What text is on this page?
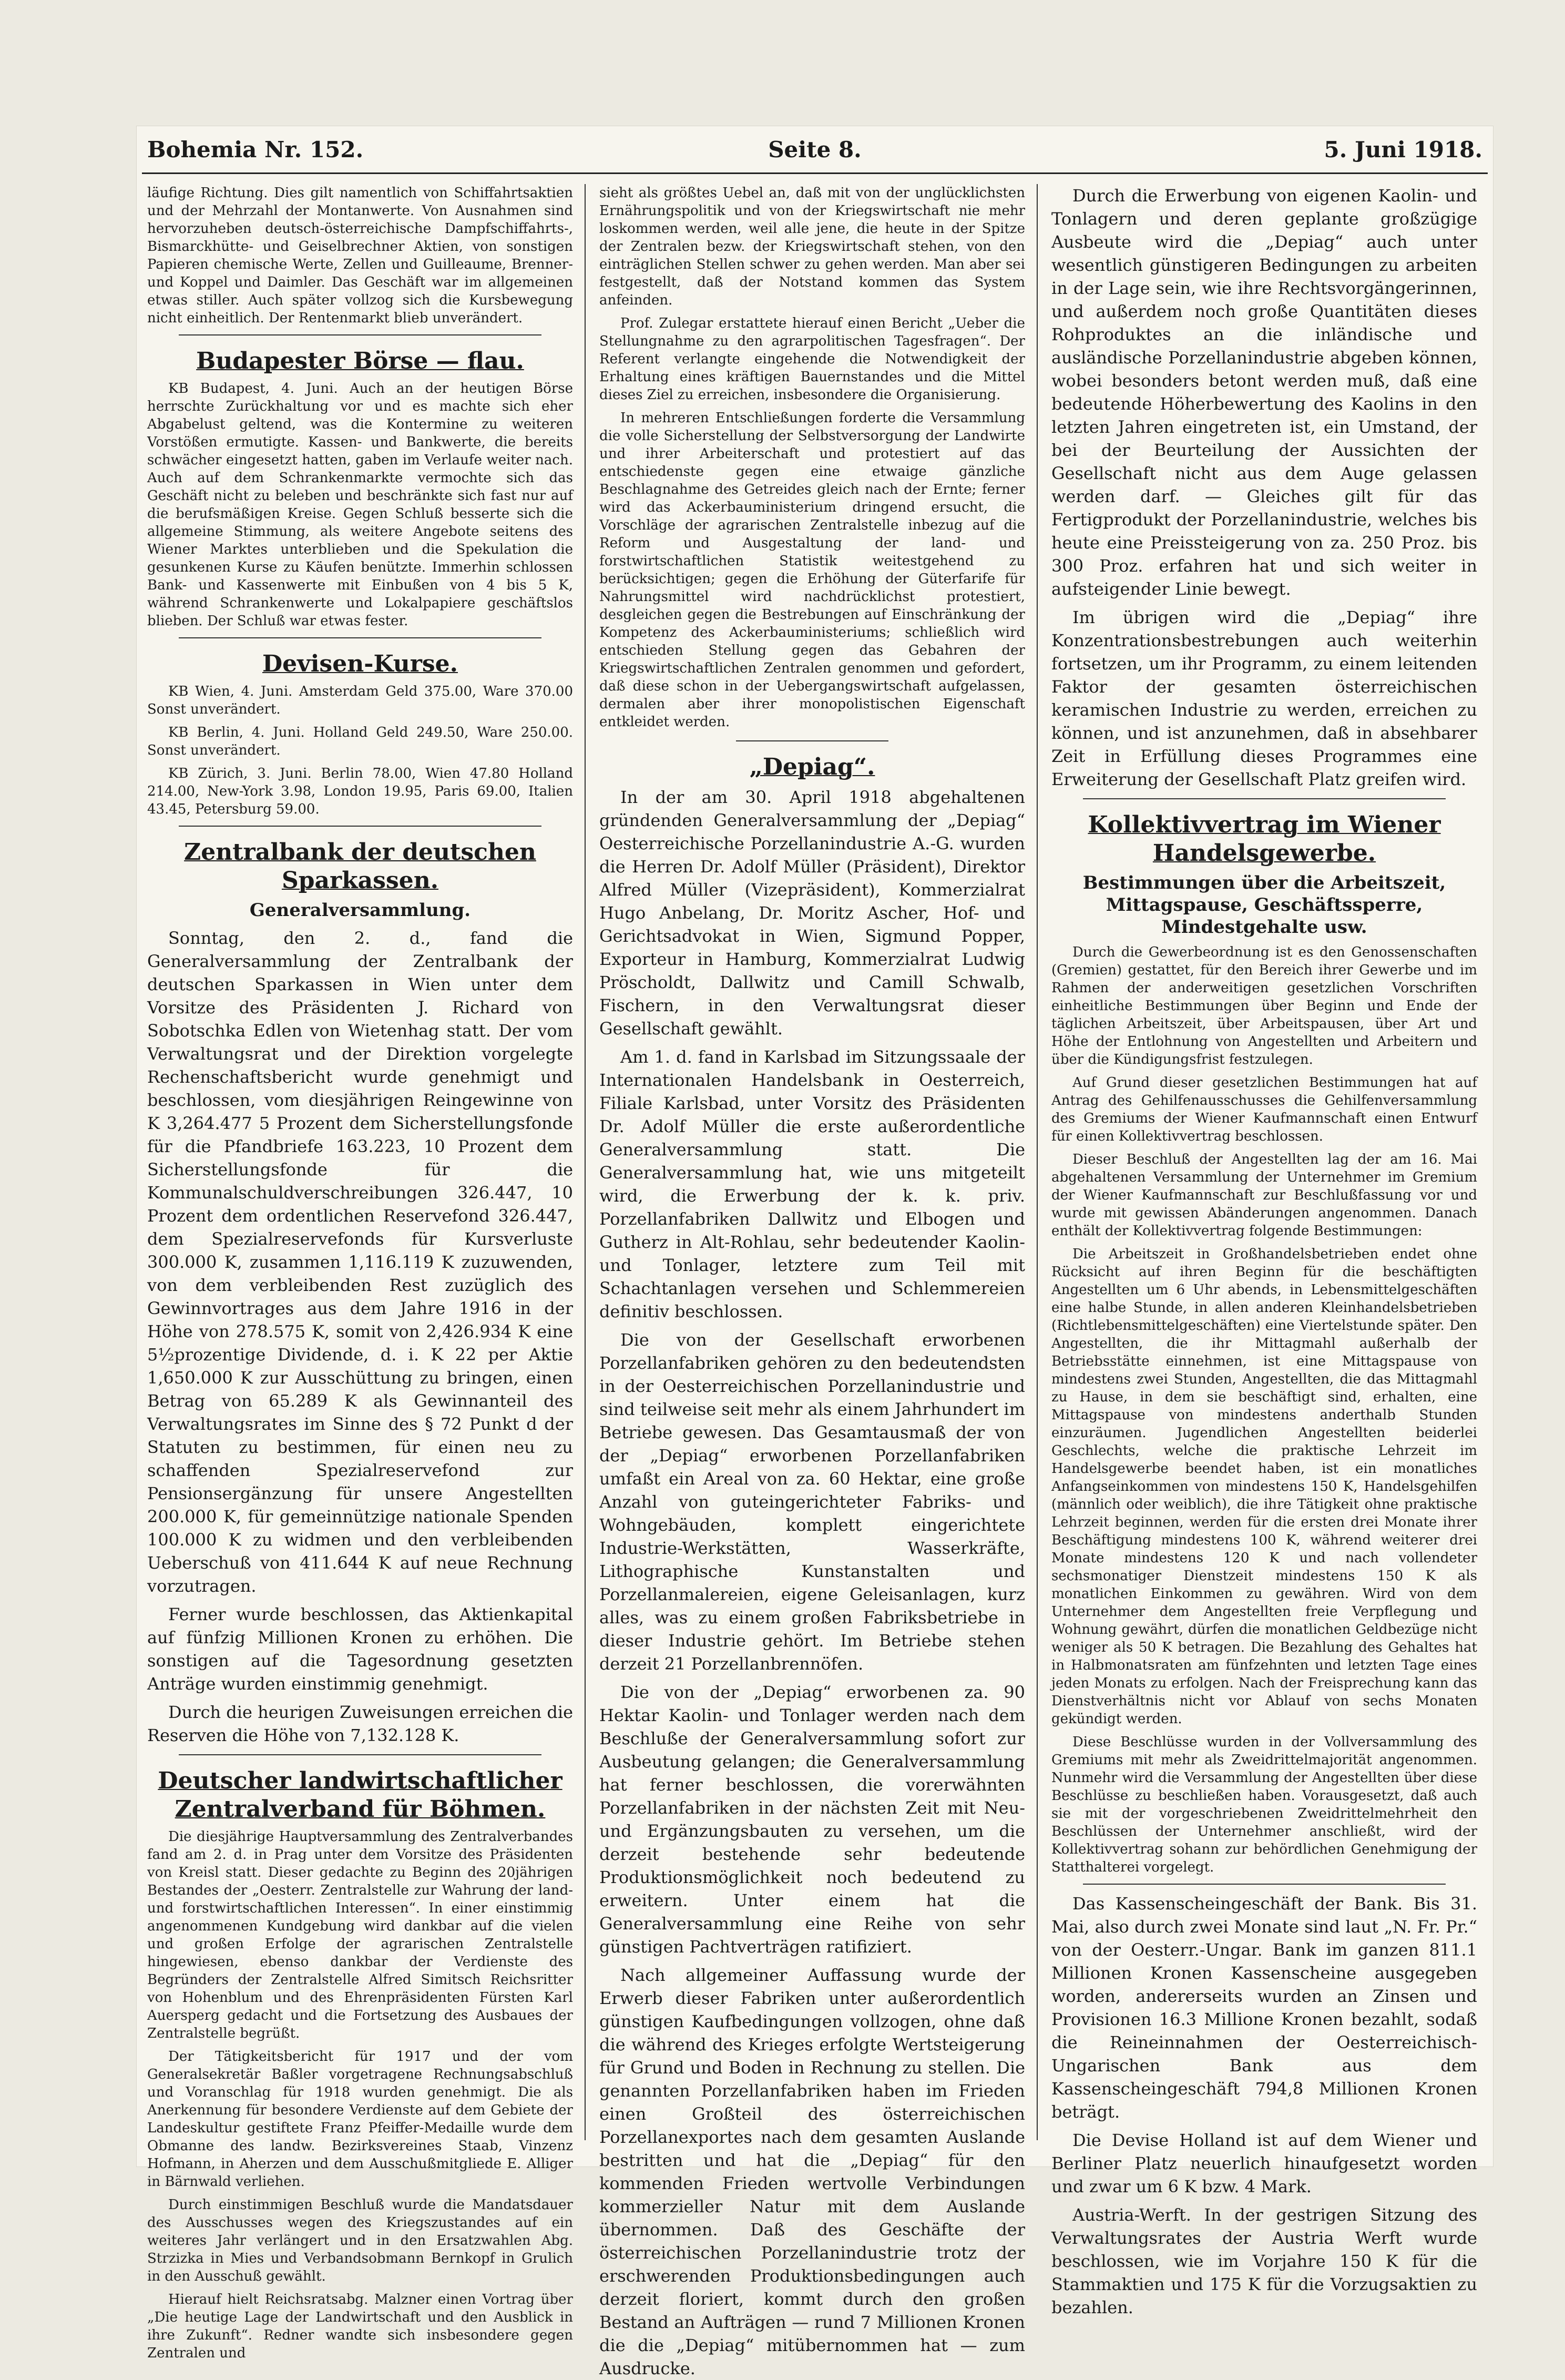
Bohemia Nr. 152.	Seite 8.	5. Juni 1918.

läufige Richtung. Dies gilt namentlich von Schiffahrtsaktien und der Mehrzahl der Montanwerte. Von Ausnahmen sind hervorzuheben deutsch-österreichische Dampfschiffahrts-, Bismarckhütte- und Geiselbrechner Aktien, von sonstigen Papieren chemische Werte, Zellen und Guilleaume, Brenner- und Koppel und Daimler. Das Geschäft war im allgemeinen etwas stiller. Auch später vollzog sich die Kursbewegung nicht einheitlich. Der Rentenmarkt blieb unverändert.

Budapester Börse — flau.

KB Budapest, 4. Juni. Auch an der heutigen Börse herrschte Zurückhaltung vor und es machte sich eher Abgabelust geltend, was die Kontermine zu weiteren Vorstößen ermutigte. Kassen- und Bankwerte, die bereits schwächer eingesetzt hatten, gaben im Verlaufe weiter nach. Auch auf dem Schrankenmarkte vermochte sich das Geschäft nicht zu beleben und beschränkte sich fast nur auf die berufsmäßigen Kreise. Gegen Schluß besserte sich die allgemeine Stimmung, als weitere Angebote seitens des Wiener Marktes unterblieben und die Spekulation die gesunkenen Kurse zu Käufen benützte. Immerhin schlossen Bank- und Kassenwerte mit Einbußen von 4 bis 5 K, während Schrankenwerte und Lokalpapiere geschäftslos blieben. Der Schluß war etwas fester.

Devisen-Kurse.

KB Wien, 4. Juni. Amsterdam Geld 375.00, Ware 370.00 Sonst unverändert.

KB Berlin, 4. Juni. Holland Geld 249.50, Ware 250.00. Sonst unverändert.

KB Zürich, 3. Juni. Berlin 78.00, Wien 47.80 Holland 214.00, New-York 3.98, London 19.95, Paris 69.00, Italien 43.45, Petersburg 59.00.

Zentralbank der deutschen Sparkassen.
Generalversammlung.

Sonntag, den 2. d., fand die Generalversammlung der Zentralbank der deutschen Sparkassen in Wien unter dem Vorsitze des Präsidenten J. Richard von Sobotschka Edlen von Wietenhag statt. Der vom Verwaltungsrat und der Direktion vorgelegte Rechenschaftsbericht wurde genehmigt und beschlossen, vom diesjährigen Reingewinne von K 3,264.477 5 Prozent dem Sicherstellungsfonde für die Pfandbriefe 163.223, 10 Prozent dem Sicherstellungsfonde für die Kommunalschuldverschreibungen 326.447, 10 Prozent dem ordentlichen Reservefond 326.447, dem Spezialreservefonds für Kursverluste 300.000 K, zusammen 1,116.119 K zuzuwenden, von dem verbleibenden Rest zuzüglich des Gewinnvortrages aus dem Jahre 1916 in der Höhe von 278.575 K, somit von 2,426.934 K eine 5½prozentige Dividende, d. i. K 22 per Aktie 1,650.000 K zur Ausschüttung zu bringen, einen Betrag von 65.289 K als Gewinnanteil des Verwaltungsrates im Sinne des § 72 Punkt d der Statuten zu bestimmen, für einen neu zu schaffenden Spezialreservefond zur Pensionsergänzung für unsere Angestellten 200.000 K, für gemeinnützige nationale Spenden 100.000 K zu widmen und den verbleibenden Ueberschuß von 411.644 K auf neue Rechnung vorzutragen.

Ferner wurde beschlossen, das Aktienkapital auf fünfzig Millionen Kronen zu erhöhen. Die sonstigen auf die Tagesordnung gesetzten Anträge wurden einstimmig genehmigt.

Durch die heurigen Zuweisungen erreichen die Reserven die Höhe von 7,132.128 K.

Deutscher landwirtschaftlicher Zentralverband für Böhmen.

Die diesjährige Hauptversammlung des Zentralverbandes fand am 2. d. in Prag unter dem Vorsitze des Präsidenten von Kreisl statt. Dieser gedachte zu Beginn des 20jährigen Bestandes der „Oesterr. Zentralstelle zur Wahrung der land- und forstwirtschaftlichen Interessen“. In einer einstimmig angenommenen Kundgebung wird dankbar auf die vielen und großen Erfolge der agrarischen Zentralstelle hingewiesen, ebenso dankbar der Verdienste des Begründers der Zentralstelle Alfred Simitsch Reichsritter von Hohenblum und des Ehrenpräsidenten Fürsten Karl Auersperg gedacht und die Fortsetzung des Ausbaues der Zentralstelle begrüßt.

Der Tätigkeitsbericht für 1917 und der vom Generalsekretär Baßler vorgetragene Rechnungsabschluß und Voranschlag für 1918 wurden genehmigt. Die als Anerkennung für besondere Verdienste auf dem Gebiete der Landeskultur gestiftete Franz Pfeiffer-Medaille wurde dem Obmanne des landw. Bezirksvereines Staab, Vinzenz Hofmann, in Aherzen und dem Ausschußmitgliede E. Alliger in Bärnwald verliehen.

Durch einstimmigen Beschluß wurde die Mandatsdauer des Ausschusses wegen des Kriegszustandes auf ein weiteres Jahr verlängert und in den Ersatzwahlen Abg. Strzizka in Mies und Verbandsobmann Bernkopf in Grulich in den Ausschuß gewählt.

Hierauf hielt Reichsratsabg. Malzner einen Vortrag über „Die heutige Lage der Landwirtschaft und den Ausblick in ihre Zukunft“. Redner wandte sich insbesondere gegen Zentralen und

sieht als größtes Uebel an, daß mit von der unglücklichsten Ernährungspolitik und von der Kriegswirtschaft nie mehr loskommen werden, weil alle jene, die heute in der Spitze der Zentralen bezw. der Kriegswirtschaft stehen, von den einträglichen Stellen schwer zu gehen werden. Man aber sei festgestellt, daß der Notstand kommen das System anfeinden.

Prof. Zulegar erstattete hierauf einen Bericht „Ueber die Stellungnahme zu den agrarpolitischen Tagesfragen“. Der Referent verlangte eingehende die Notwendigkeit der Erhaltung eines kräftigen Bauernstandes und die Mittel dieses Ziel zu erreichen, insbesondere die Organisierung.

In mehreren Entschließungen forderte die Versammlung die volle Sicherstellung der Selbstversorgung der Landwirte und ihrer Arbeiterschaft und protestiert auf das entschiedenste gegen eine etwaige gänzliche Beschlagnahme des Getreides gleich nach der Ernte; ferner wird das Ackerbauministerium dringend ersucht, die Vorschläge der agrarischen Zentralstelle inbezug auf die Reform und Ausgestaltung der land- und forstwirtschaftlichen Statistik weitestgehend zu berücksichtigen; gegen die Erhöhung der Güterfarife für Nahrungsmittel wird nachdrücklichst protestiert, desgleichen gegen die Bestrebungen auf Einschränkung der Kompetenz des Ackerbauministeriums; schließlich wird entschieden Stellung gegen das Gebahren der Kriegswirtschaftlichen Zentralen genommen und gefordert, daß diese schon in der Uebergangswirtschaft aufgelassen, dermalen aber ihrer monopolistischen Eigenschaft entkleidet werden.

„Depiag“.

In der am 30. April 1918 abgehaltenen gründenden Generalversammlung der „Depiag“ Oesterreichische Porzellanindustrie A.-G. wurden die Herren Dr. Adolf Müller (Präsident), Direktor Alfred Müller (Vizepräsident), Kommerzialrat Hugo Anbelang, Dr. Moritz Ascher, Hof- und Gerichtsadvokat in Wien, Sigmund Popper, Exporteur in Hamburg, Kommerzialrat Ludwig Pröscholdt, Dallwitz und Camill Schwalb, Fischern, in den Verwaltungsrat dieser Gesellschaft gewählt.

Am 1. d. fand in Karlsbad im Sitzungssaale der Internationalen Handelsbank in Oesterreich, Filiale Karlsbad, unter Vorsitz des Präsidenten Dr. Adolf Müller die erste außerordentliche Generalversammlung statt. Die Generalversammlung hat, wie uns mitgeteilt wird, die Erwerbung der k. k. priv. Porzellanfabriken Dallwitz und Elbogen und Gutherz in Alt-Rohlau, sehr bedeutender Kaolin- und Tonlager, letztere zum Teil mit Schachtanlagen versehen und Schlemmereien definitiv beschlossen.

Die von der Gesellschaft erworbenen Porzellanfabriken gehören zu den bedeutendsten in der Oesterreichischen Porzellanindustrie und sind teilweise seit mehr als einem Jahrhundert im Betriebe gewesen. Das Gesamtausmaß der von der „Depiag“ erworbenen Porzellanfabriken umfaßt ein Areal von za. 60 Hektar, eine große Anzahl von guteingerichteter Fabriks- und Wohngebäuden, komplett eingerichtete Industrie-Werkstätten, Wasserkräfte, Lithographische Kunstanstalten und Porzellanmalereien, eigene Geleisanlagen, kurz alles, was zu einem großen Fabriksbetriebe in dieser Industrie gehört. Im Betriebe stehen derzeit 21 Porzellanbrennöfen.

Die von der „Depiag“ erworbenen za. 90 Hektar Kaolin- und Tonlager werden nach dem Beschluße der Generalversammlung sofort zur Ausbeutung gelangen; die Generalversammlung hat ferner beschlossen, die vorerwähnten Porzellanfabriken in der nächsten Zeit mit Neu- und Ergänzungsbauten zu versehen, um die derzeit bestehende sehr bedeutende Produktionsmöglichkeit noch bedeutend zu erweitern. Unter einem hat die Generalversammlung eine Reihe von sehr günstigen Pachtverträgen ratifiziert.

Nach allgemeiner Auffassung wurde der Erwerb dieser Fabriken unter außerordentlich günstigen Kaufbedingungen vollzogen, ohne daß die während des Krieges erfolgte Wertsteigerung für Grund und Boden in Rechnung zu stellen. Die genannten Porzellanfabriken haben im Frieden einen Großteil des österreichischen Porzellanexportes nach dem gesamten Auslande bestritten und hat die „Depiag“ für den kommenden Frieden wertvolle Verbindungen kommerzieller Natur mit dem Auslande übernommen. Daß des Geschäfte der österreichischen Porzellanindustrie trotz der erschwerenden Produktionsbedingungen auch derzeit floriert, kommt durch den großen Bestand an Aufträgen — rund 7 Millionen Kronen die die „Depiag“ mitübernommen hat — zum Ausdrucke.

Durch die Erwerbung von eigenen Kaolin- und Tonlagern und deren geplante großzügige Ausbeute wird die „Depiag“ auch unter wesentlich günstigeren Bedingungen zu arbeiten in der Lage sein, wie ihre Rechtsvorgängerinnen, und außerdem noch große Quantitäten dieses Rohproduktes an die inländische und ausländische Porzellanindustrie abgeben können, wobei besonders betont werden muß, daß eine bedeutende Höherbewertung des Kaolins in den letzten Jahren eingetreten ist, ein Umstand, der bei der Beurteilung der Aussichten der Gesellschaft nicht aus dem Auge gelassen werden darf. — Gleiches gilt für das Fertigprodukt der Porzellanindustrie, welches bis heute eine Preissteigerung von za. 250 Proz. bis 300 Proz. erfahren hat und sich weiter in aufsteigender Linie bewegt.

Im übrigen wird die „Depiag“ ihre Konzentrationsbestrebungen auch weiterhin fortsetzen, um ihr Programm, zu einem leitenden Faktor der gesamten österreichischen keramischen Industrie zu werden, erreichen zu können, und ist anzunehmen, daß in absehbarer Zeit in Erfüllung dieses Programmes eine Erweiterung der Gesellschaft Platz greifen wird.

Kollektivvertrag im Wiener Handelsgewerbe.
Bestimmungen über die Arbeitszeit, Mittagspause, Geschäftssperre, Mindestgehalte usw.

Durch die Gewerbeordnung ist es den Genossenschaften (Gremien) gestattet, für den Bereich ihrer Gewerbe und im Rahmen der anderweitigen gesetzlichen Vorschriften einheitliche Bestimmungen über Beginn und Ende der täglichen Arbeitszeit, über Arbeitspausen, über Art und Höhe der Entlohnung von Angestellten und Arbeitern und über die Kündigungsfrist festzulegen.

Auf Grund dieser gesetzlichen Bestimmungen hat auf Antrag des Gehilfenausschusses die Gehilfenversammlung des Gremiums der Wiener Kaufmannschaft einen Entwurf für einen Kollektivvertrag beschlossen.

Dieser Beschluß der Angestellten lag der am 16. Mai abgehaltenen Versammlung der Unternehmer im Gremium der Wiener Kaufmannschaft zur Beschlußfassung vor und wurde mit gewissen Abänderungen angenommen. Danach enthält der Kollektivvertrag folgende Bestimmungen:

Die Arbeitszeit in Großhandelsbetrieben endet ohne Rücksicht auf ihren Beginn für die beschäftigten Angestellten um 6 Uhr abends, in Lebensmittelgeschäften eine halbe Stunde, in allen anderen Kleinhandelsbetrieben (Richtlebensmittelgeschäften) eine Viertelstunde später. Den Angestellten, die ihr Mittagmahl außerhalb der Betriebsstätte einnehmen, ist eine Mittagspause von mindestens zwei Stunden, Angestellten, die das Mittagmahl zu Hause, in dem sie beschäftigt sind, erhalten, eine Mittagspause von mindestens anderthalb Stunden einzuräumen. Jugendlichen Angestellten beiderlei Geschlechts, welche die praktische Lehrzeit im Handelsgewerbe beendet haben, ist ein monatliches Anfangseinkommen von mindestens 150 K, Handelsgehilfen (männlich oder weiblich), die ihre Tätigkeit ohne praktische Lehrzeit beginnen, werden für die ersten drei Monate ihrer Beschäftigung mindestens 100 K, während weiterer drei Monate mindestens 120 K und nach vollendeter sechsmonatiger Dienstzeit mindestens 150 K als monatlichen Einkommen zu gewähren. Wird von dem Unternehmer dem Angestellten freie Verpflegung und Wohnung gewährt, dürfen die monatlichen Geldbezüge nicht weniger als 50 K betragen. Die Bezahlung des Gehaltes hat in Halbmonatsraten am fünfzehnten und letzten Tage eines jeden Monats zu erfolgen. Nach der Freisprechung kann das Dienstverhältnis nicht vor Ablauf von sechs Monaten gekündigt werden.

Diese Beschlüsse wurden in der Vollversammlung des Gremiums mit mehr als Zweidrittelmajorität angenommen. Nunmehr wird die Versammlung der Angestellten über diese Beschlüsse zu beschließen haben. Vorausgesetzt, daß auch sie mit der vorgeschriebenen Zweidrittelmehrheit den Beschlüssen der Unternehmer anschließt, wird der Kollektivvertrag sohann zur behördlichen Genehmigung der Statthalterei vorgelegt.

Das Kassenscheingeschäft der Bank. Bis 31. Mai, also durch zwei Monate sind laut „N. Fr. Pr.“ von der Oesterr.-Ungar. Bank im ganzen 811.1 Millionen Kronen Kassenscheine ausgegeben worden, andererseits wurden an Zinsen und Provisionen 16.3 Millione Kronen bezahlt, sodaß die Reineinnahmen der Oesterreichisch-Ungarischen Bank aus dem Kassenscheingeschäft 794,8 Millionen Kronen beträgt.

Die Devise Holland ist auf dem Wiener und Berliner Platz neuerlich hinaufgesetzt worden und zwar um 6 K bzw. 4 Mark.

Austria-Werft. In der gestrigen Sitzung des Verwaltungsrates der Austria Werft wurde beschlossen, wie im Vorjahre 150 K für die Stammaktien und 175 K für die Vorzugsaktien zu bezahlen.
